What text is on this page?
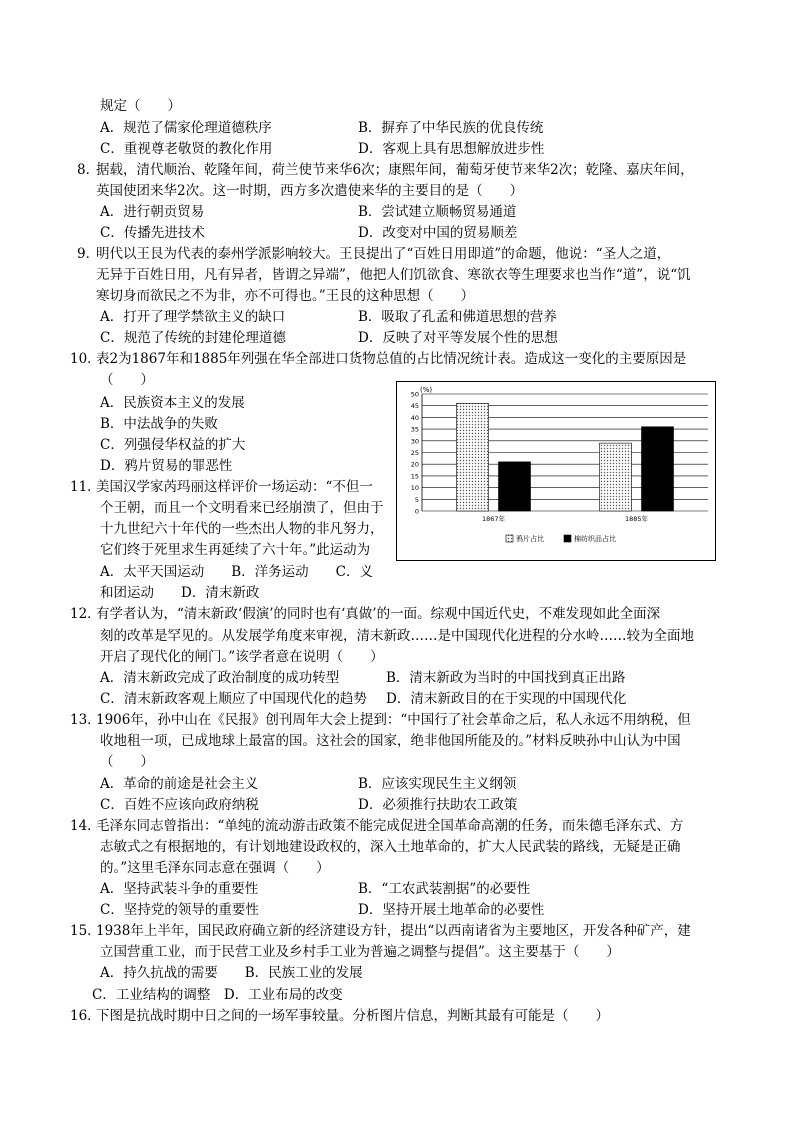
规定（　　）
A．规范了儒家伦理道德秩序	B．摒弃了中华民族的优良传统
C．重视尊老敬贤的教化作用	D．客观上具有思想解放进步性
8．
据载，清代顺治、乾隆年间，荷兰使节来华6次；康熙年间，葡萄牙使节来华2次；乾隆、嘉庆年间，
英国使团来华2次。这一时期，西方多次遣使来华的主要目的是（　　）
A．进行朝贡贸易	B．尝试建立顺畅贸易通道
C．传播先进技术	D．改变对中国的贸易顺差
9．
明代以王艮为代表的泰州学派影响较大。王艮提出了“百姓日用即道”的命题，他说：“圣人之道，
无异于百姓日用，凡有异者，皆谓之异端”，他把人们饥欲食、寒欲衣等生理要求也当作“道”，说“饥
寒切身而欲民之不为非，亦不可得也。”王艮的这种思想（　　）
A．打开了理学禁欲主义的缺口	B．吸取了孔孟和佛道思想的营养
C．规范了传统的封建伦理道德	D．反映了对平等发展个性的思想
10．
表2为1867年和1885年列强在华全部进口货物总值的占比情况统计表。造成这一变化的主要原因是
（　　）
A．民族资本主义的发展
B．中法战争的失败
C．列强侵华权益的扩大
D．鸦片贸易的罪恶性
(%)
0
5
10
15
20
25
30
35
40
45
50
1867年	1885年
鸦片占比	棉纺织品占比
11．
美国汉学家芮玛丽这样评价一场运动：“不但一
个王朝，而且一个文明看来已经崩溃了，但由于
十九世纪六十年代的一些杰出人物的非凡努力，
它们终于死里求生再延续了六十年。”此运动为
A．太平天国运动　　B．洋务运动　　C．义
和团运动　　D．清末新政
12．
有学者认为，“清末新政‘假演’的同时也有‘真做’的一面。综观中国近代史，不难发现如此全面深
刻的改革是罕见的。从发展学角度来审视，清末新政……是中国现代化进程的分水岭……较为全面地
开启了现代化的闸门。”该学者意在说明（　　）
A．清末新政完成了政治制度的成功转型	B．清末新政为当时的中国找到真正出路
C．清末新政客观上顺应了中国现代化的趋势 D．清末新政目的在于实现的中国现代化
13．
1906年，孙中山在《民报》创刊周年大会上提到：“中国行了社会革命之后，私人永远不用纳税，但
收地租一项，已成地球上最富的国。这社会的国家，绝非他国所能及的。”材料反映孙中山认为中国
（　　）
A．革命的前途是社会主义	B．应该实现民生主义纲领
C．百姓不应该向政府纳税	D．必须推行扶助农工政策
14．
毛泽东同志曾指出：“单纯的流动游击政策不能完成促进全国革命高潮的任务，而朱德毛泽东式、方
志敏式之有根据地的，有计划地建设政权的，深入土地革命的，扩大人民武装的路线，无疑是正确
的。”这里毛泽东同志意在强调（　　）
A．坚持武装斗争的重要性	B．“工农武装割据”的必要性
C．坚持党的领导的重要性	D．坚持开展土地革命的必要性
15．
1938年上半年，国民政府确立新的经济建设方针，提出“以西南诸省为主要地区，开发各种矿产，建
立国营重工业，而于民营工业及乡村手工业为普遍之调整与提倡”。这主要基于（　　）
A．持久抗战的需要　　B．民族工业的发展
C．工业结构的调整　D．工业布局的改变
16．
下图是抗战时期中日之间的一场军事较量。分析图片信息，判断其最有可能是（　　）
